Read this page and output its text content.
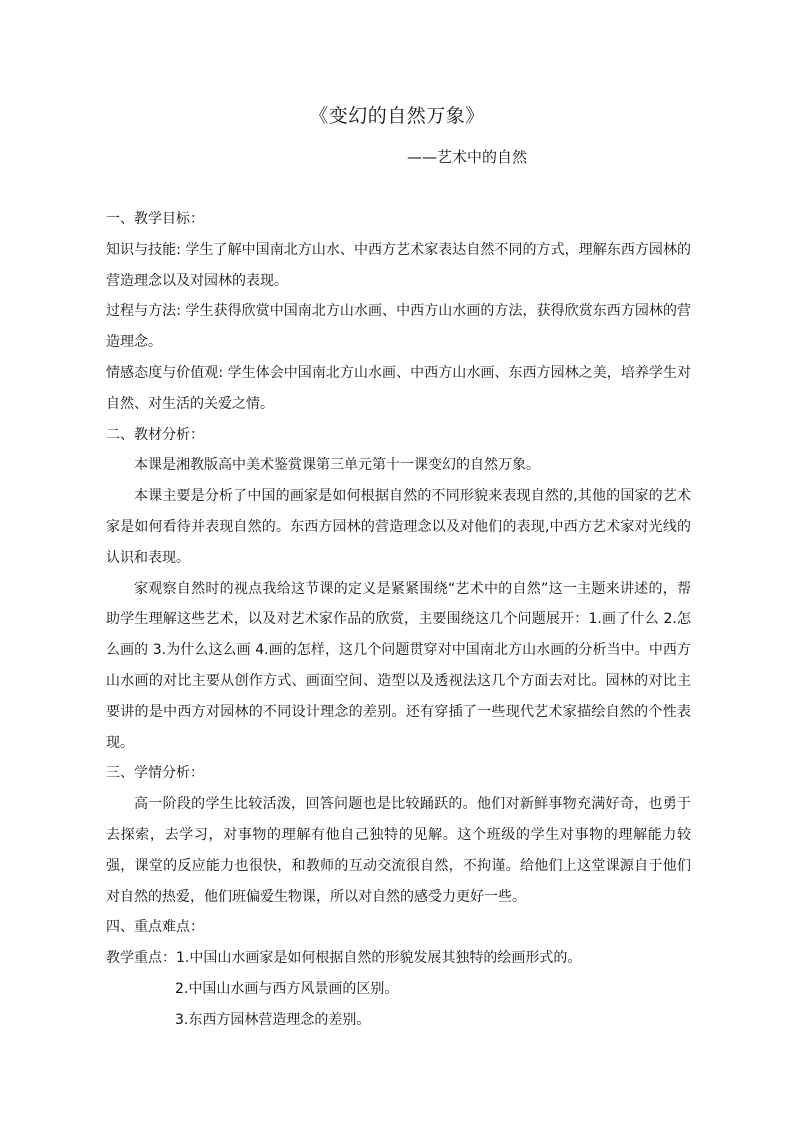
《变幻的自然万象》
——艺术中的自然

一、教学目标：

知识与技能: 学生了解中国南北方山水、中西方艺术家表达自然不同的方式，理解东西方园林的营造理念以及对园林的表现。

过程与方法: 学生获得欣赏中国南北方山水画、中西方山水画的方法，获得欣赏东西方园林的营造理念。

情感态度与价值观: 学生体会中国南北方山水画、中西方山水画、东西方园林之美，培养学生对自然、对生活的关爱之情。

二、教材分析：

本课是湘教版高中美术鉴赏课第三单元第十一课变幻的自然万象。

本课主要是分析了中国的画家是如何根据自然的不同形貌来表现自然的,其他的国家的艺术家是如何看待并表现自然的。东西方园林的营造理念以及对他们的表现,中西方艺术家对光线的认识和表现。

家观察自然时的视点我给这节课的定义是紧紧围绕“艺术中的自然”这一主题来讲述的，帮助学生理解这些艺术，以及对艺术家作品的欣赏，主要围绕这几个问题展开：1.画了什么 2.怎么画的 3.为什么这么画 4.画的怎样，这几个问题贯穿对中国南北方山水画的分析当中。中西方山水画的对比主要从创作方式、画面空间、造型以及透视法这几个方面去对比。园林的对比主要讲的是中西方对园林的不同设计理念的差别。还有穿插了一些现代艺术家描绘自然的个性表现。

三、学情分析：

高一阶段的学生比较活泼，回答问题也是比较踊跃的。他们对新鲜事物充满好奇，也勇于去探索，去学习，对事物的理解有他自己独特的见解。这个班级的学生对事物的理解能力较强，课堂的反应能力也很快，和教师的互动交流很自然，不拘谨。给他们上这堂课源自于他们对自然的热爱，他们班偏爱生物课，所以对自然的感受力更好一些。

四、重点难点：

教学重点：1.中国山水画家是如何根据自然的形貌发展其独特的绘画形式的。

2.中国山水画与西方风景画的区别。

3.东西方园林营造理念的差别。
